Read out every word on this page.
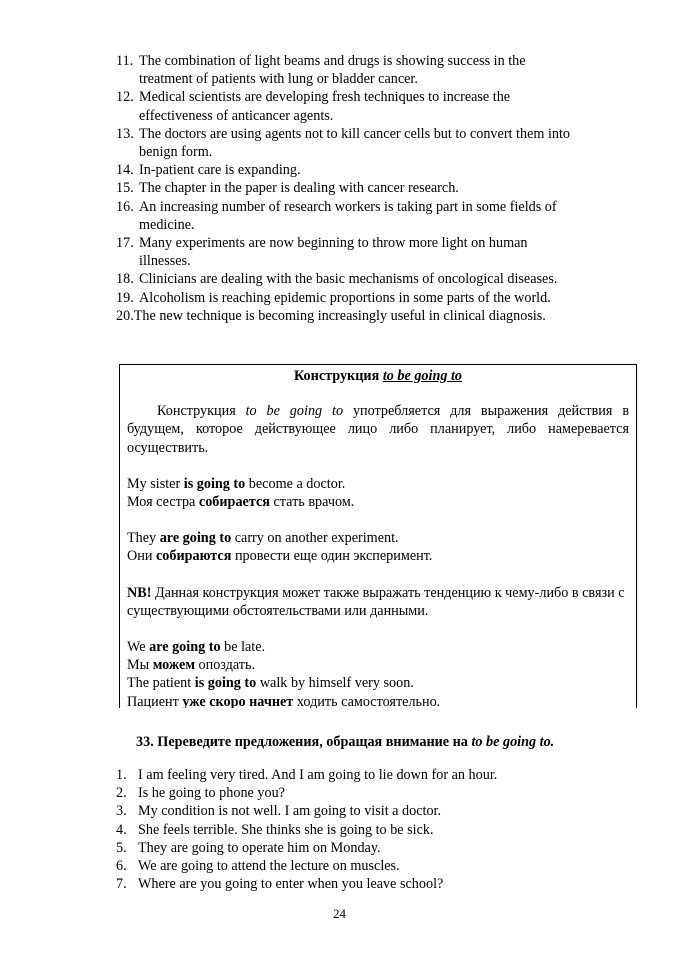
11. The combination of light beams and drugs is showing success in the
treatment of patients with lung or bladder cancer.
12. Medical scientists are developing fresh techniques to increase the
effectiveness of anticancer agents.
13. The doctors are using agents not to kill cancer cells but to convert them into
benign form.
14. In-patient care is expanding.
15. The chapter in the paper is dealing with cancer research.
16. An increasing number of research workers is taking part in some fields of
medicine.
17. Many experiments are now beginning to throw more light on human
illnesses.
18. Clinicians are dealing with the basic mechanisms of oncological diseases.
19. Alcoholism is reaching epidemic proportions in some parts of the world.
20.The new technique is becoming increasingly useful in clinical diagnosis.
Конструкция to be going to
Конструкция to be going to употребляется для выражения действия в будущем, которое действующее лицо либо планирует, либо намеревается осуществить.
My sister is going to become a doctor.
Моя сестра собирается стать врачом.
They are going to carry on another experiment.
Они собираются провести еще один эксперимент.
NB! Данная конструкция может также выражать тенденцию к чему-либо в связи с существующими обстоятельствами или данными.
We are going to be late.
Мы можем опоздать.
The patient is going to walk by himself very soon.
Пациент уже скоро начнет ходить самостоятельно.
33. Переведите предложения, обращая внимание на to be going to.
1. I am feeling very tired. And I am going to lie down for an hour.
2. Is he going to phone you?
3. My condition is not well. I am going to visit a doctor.
4. She feels terrible. She thinks she is going to be sick.
5. They are going to operate him on Monday.
6. We are going to attend the lecture on muscles.
7. Where are you going to enter when you leave school?
24
